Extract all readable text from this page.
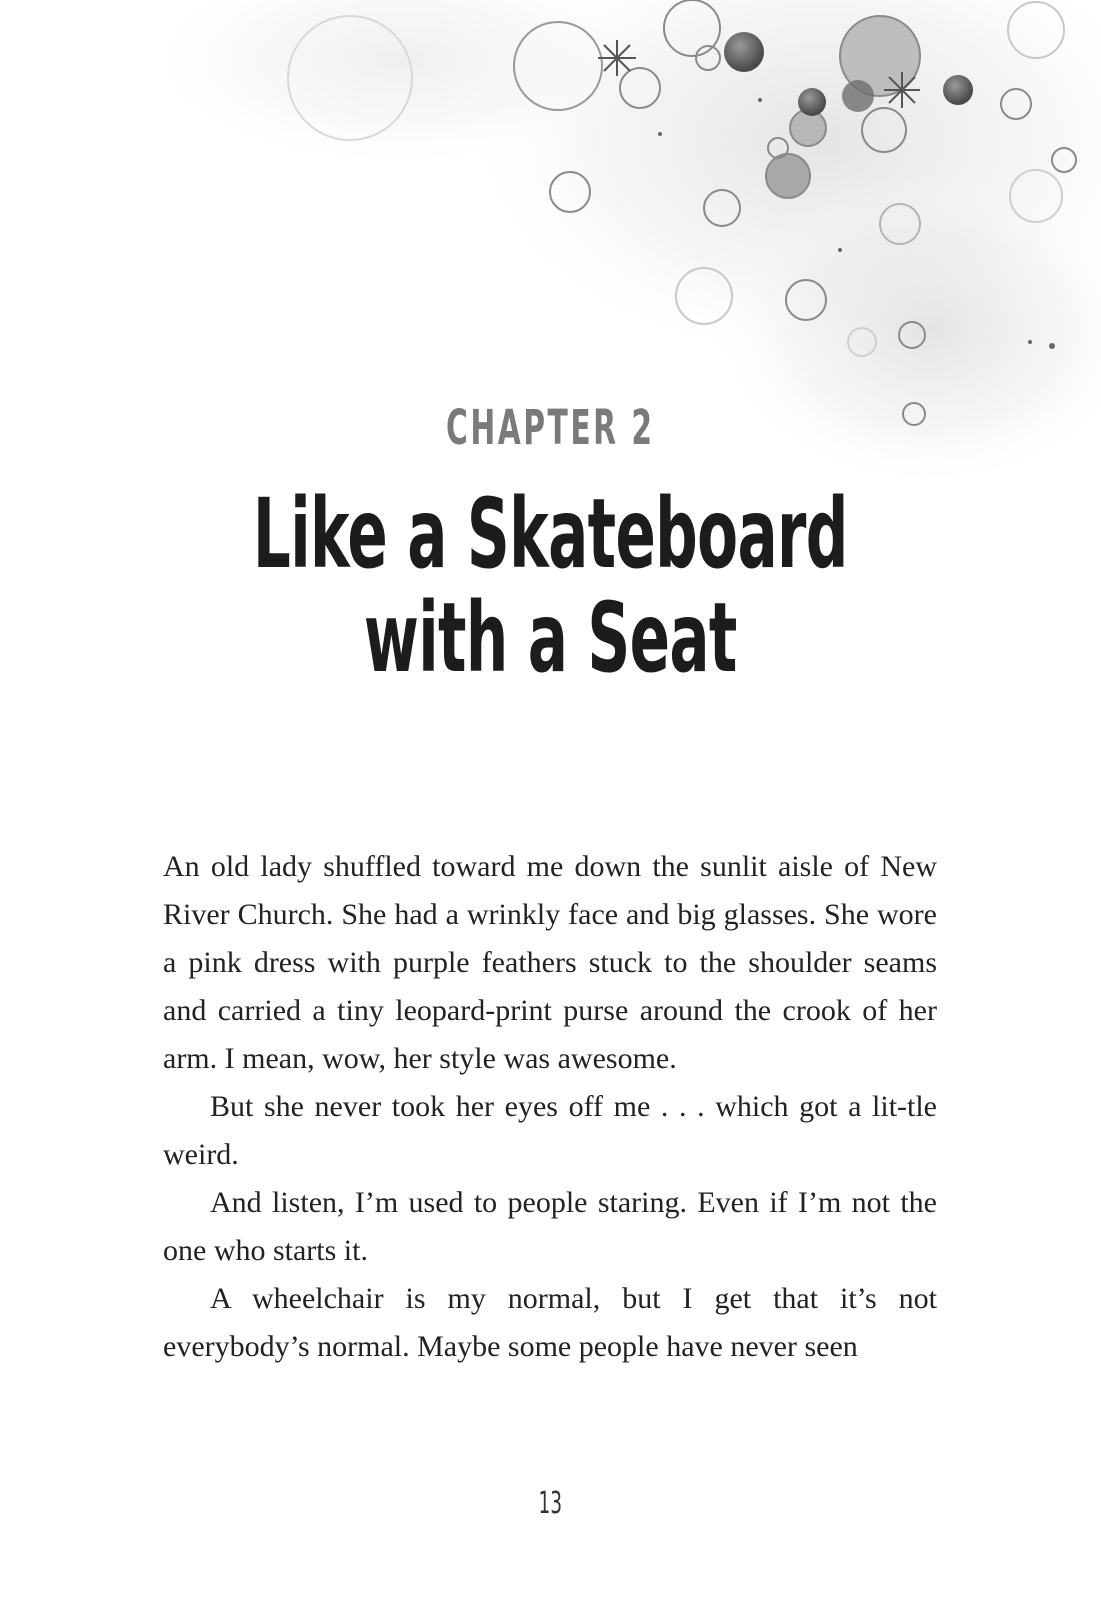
CHAPTER 2
Like a Skateboard
with a Seat

An old lady shuffled toward me down the sunlit aisle of New River Church. She had a wrinkly face and big glasses. She wore a pink dress with purple feathers stuck to the shoulder seams and carried a tiny leopard-print purse around the crook of her arm. I mean, wow, her style was awesome.

But she never took her eyes off me . . . which got a lit-tle weird.

And listen, I’m used to people staring. Even if I’m not the one who starts it.

A wheelchair is my normal, but I get that it’s not everybody’s normal. Maybe some people have never seen

13
